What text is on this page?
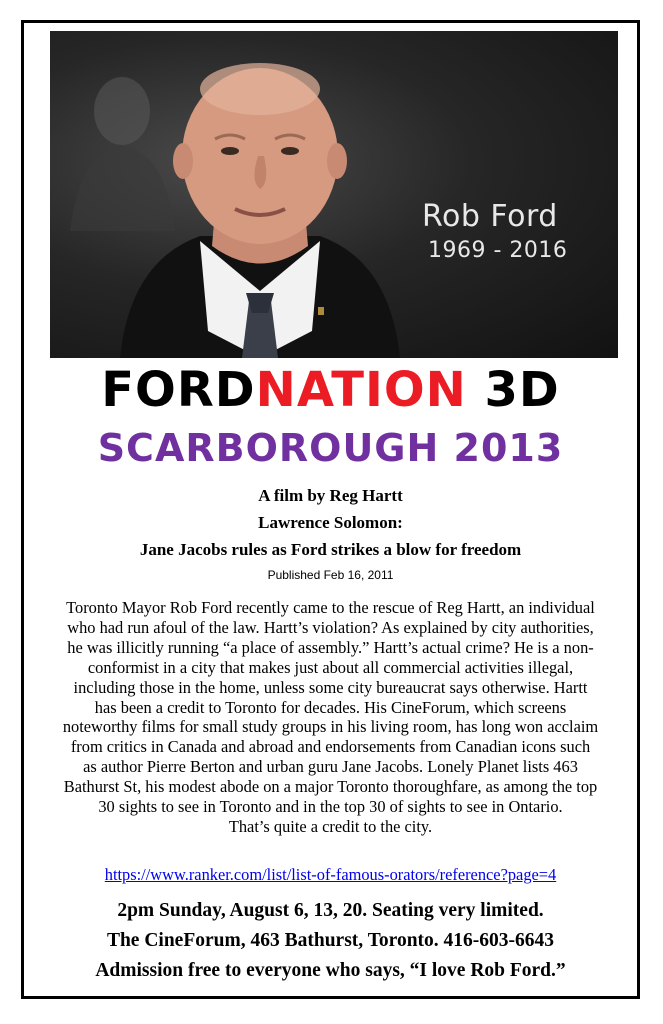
Rob Ford
1969 - 2016
FORDNATION 3D
SCARBOROUGH 2013
A film by Reg Hartt
Lawrence Solomon:
Jane Jacobs rules as Ford strikes a blow for freedom
Published Feb 16, 2011
Toronto Mayor Rob Ford recently came to the rescue of Reg Hartt, an individual
who had run afoul of the law. Hartt’s violation? As explained by city authorities,
he was illicitly running “a place of assembly.” Hartt’s actual crime? He is a non-
conformist in a city that makes just about all commercial activities illegal,
including those in the home, unless some city bureaucrat says otherwise. Hartt
has been a credit to Toronto for decades. His CineForum, which screens
noteworthy films for small study groups in his living room, has long won acclaim
from critics in Canada and abroad and endorsements from Canadian icons such
as author Pierre Berton and urban guru Jane Jacobs. Lonely Planet lists 463
Bathurst St, his modest abode on a major Toronto thoroughfare, as among the top
30 sights to see in Toronto and in the top 30 of sights to see in Ontario.
That’s quite a credit to the city.
https://www.ranker.com/list/list-of-famous-orators/reference?page=4
2pm Sunday, August 6, 13, 20. Seating very limited.
The CineForum, 463 Bathurst, Toronto. 416-603-6643
Admission free to everyone who says, “I love Rob Ford.”
